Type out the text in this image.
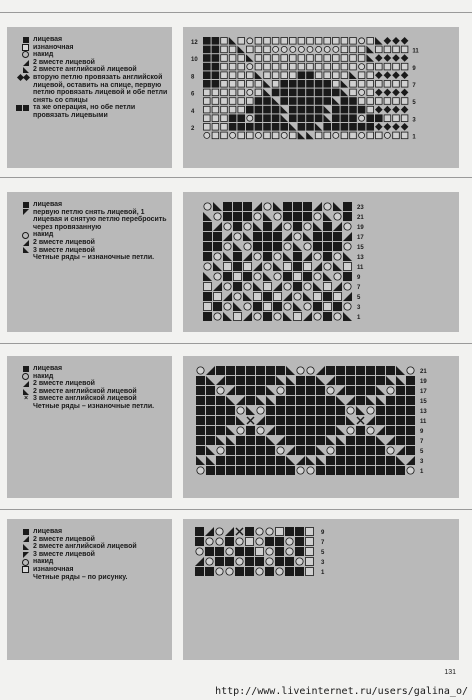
лицевая
изнаночная
накид
2 вместе лицевой
2 вместе английской лицевой
вторую петлю провязать английской лицевой, оставить на спице, первую петлю провязать лицевой и обе петли снять со спицы
та же операция, но обе петли провязать лицевыми
12
10
8
6
4
2
11
9
7
5
3
1
лицевая
первую петлю снять лицевой, 1 лицевая и снятую петлю перебросить через провязанную
накид
2 вместе лицевой
3 вместе лицевой
Четные ряды – изнаночные петли.
23
21
19
17
15
13
11
9
7
5
3
1
лицевая
накид
2 вместе лицевой
2 вместе английской лицевой
× 3 вместе английской лицевой
Четные ряды – изнаночные петли.
21
19
17
15
13
11
9
7
5
3
1
лицевая
2 вместе лицевой
2 вместе английской лицевой
3 вместе лицевой
накид
изнаночная
Четные ряды – по рисунку.
9
7
5
3
1
131
http://www.liveinternet.ru/users/galina_o/
